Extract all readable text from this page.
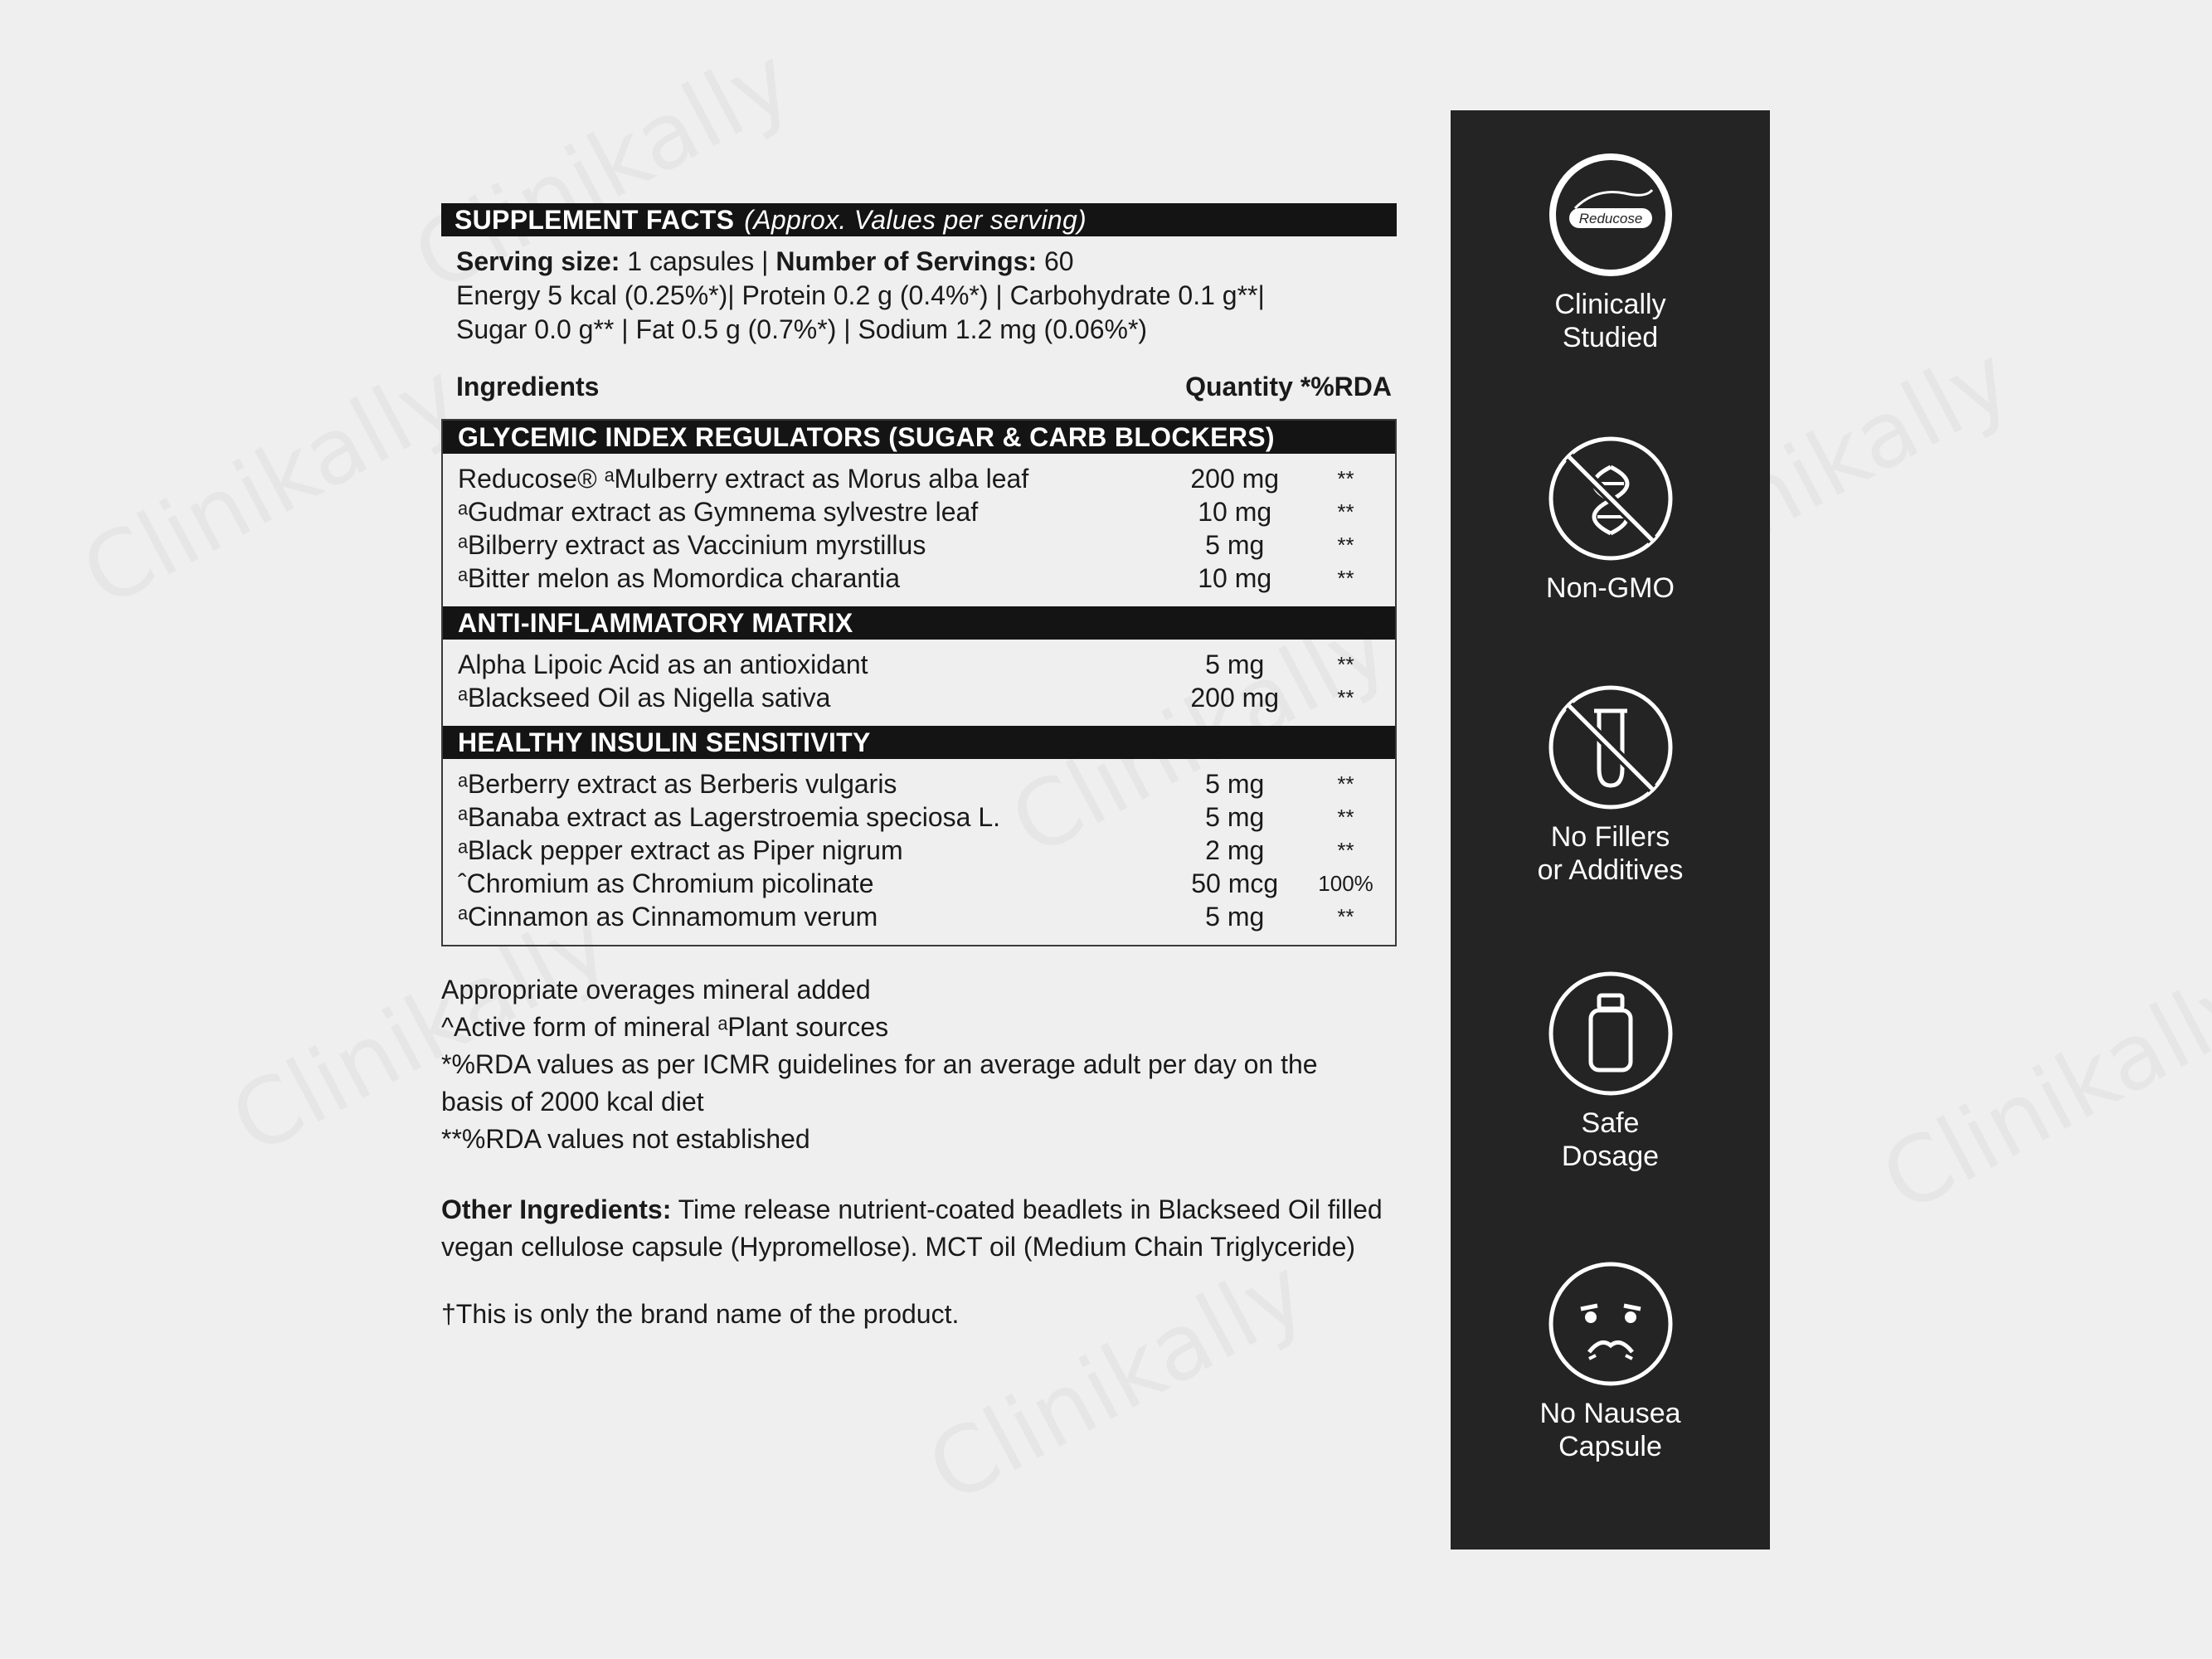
SUPPLEMENT FACTS (Approx. Values per serving)
Serving size: 1 capsules | Number of Servings: 60
Energy 5 kcal (0.25%*)| Protein 0.2 g (0.4%*) | Carbohydrate 0.1 g**|
Sugar 0.0 g** | Fat 0.5 g (0.7%*) | Sodium 1.2 mg (0.06%*)
Ingredients	Quantity *%RDA
GLYCEMIC INDEX REGULATORS (SUGAR & CARB BLOCKERS)
Reducose® ᵃMulberry extract as Morus alba leaf	200 mg	**
ᵃGudmar extract as Gymnema sylvestre leaf	10 mg	**
ᵃBilberry extract as Vaccinium myrstillus	5 mg	**
ᵃBitter melon as Momordica charantia	10 mg	**
ANTI-INFLAMMATORY MATRIX
Alpha Lipoic Acid as an antioxidant	5 mg	**
ᵃBlackseed Oil as Nigella sativa	200 mg	**
HEALTHY INSULIN SENSITIVITY
ᵃBerberry extract as Berberis vulgaris	5 mg	**
ᵃBanaba extract as Lagerstroemia speciosa L.	5 mg	**
ᵃBlack pepper extract as Piper nigrum	2 mg	**
ˆChromium as Chromium picolinate	50 mcg	100%
ᵃCinnamon as Cinnamomum verum	5 mg	**
Appropriate overages mineral added
^Active form of mineral ᵃPlant sources
*%RDA values as per ICMR guidelines for an average adult per day on the
basis of 2000 kcal diet
**%RDA values not established
Other Ingredients: Time release nutrient-coated beadlets in Blackseed Oil filled vegan cellulose capsule (Hypromellose). MCT oil (Medium Chain Triglyceride)
†This is only the brand name of the product.
Reducose
Clinically
Studied
Non-GMO
No Fillers
or Additives
Safe
Dosage
No Nausea
Capsule
